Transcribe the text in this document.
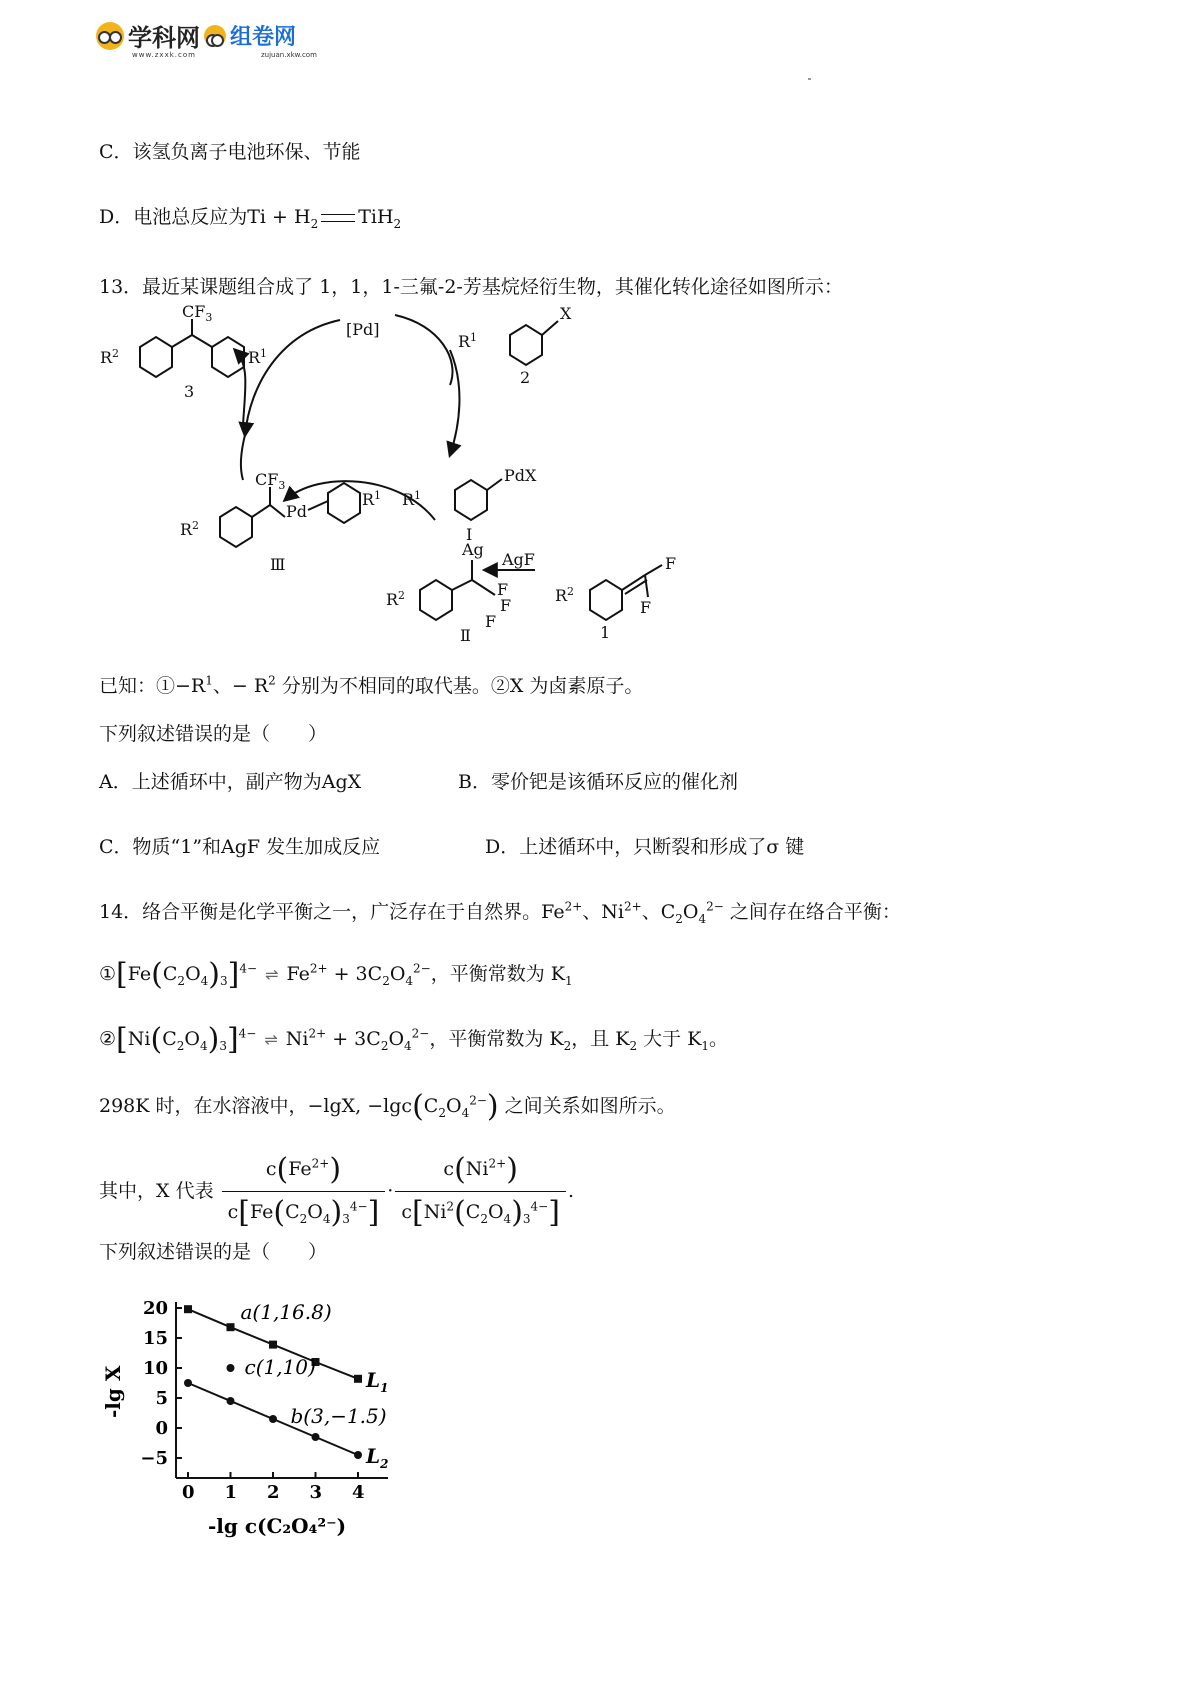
学科网 组卷网
www.zxxk.com	zujuan.xkw.com
C．该氢负离子电池环保、节能
D．电池总反应为$Ti + H_2$ TiH$_2$
13．最近某课题组合成了 1，1，1-三氟-2-芳基烷烃衍生物，其催化转化途径如图所示：
$CF_3$
$R^2$	$R^1$
3
[Pd]
$R^1$
X
2
$R^1$
PdX
I
$CF_3$
Pd
$R^1$
$R^2$
Ⅲ
Ag
F
F
F
$R^2$
Ⅱ
AgF
$R^2$
F
F
1
已知：$①-R^1$、− $R^2$ 分别为不相同的取代基。②X 为卤素原子。
下列叙述错误的是（　　）
A．上述循环中，副产物为AgX	B．零价钯是该循环反应的催化剂
C．物质“1”和AgF 发生加成反应	D．上述循环中，只断裂和形成了σ 键
14．络合平衡是化学平衡之一，广泛存在于自然界。$Fe^{2+}$、$Ni^{2+}$、$C_2O_4^{2-}$ 之间存在络合平衡：
$①[Fe(C_2O_4)_3]^{4-}$ ⇌ $Fe^{2+} + 3C_2O_4^{2-}$，平衡常数为 $K_1$
$②[Ni(C_2O_4)_3]^{4-}$ ⇌ $Ni^{2+} + 3C_2O_4^{2-}$，平衡常数为 $K_2$，且 $K_2$ 大于 $K_1$。
298K 时，在水溶液中，−lgX, $-\lg c(C_2O_4^{2-})$ 之间关系如图所示。
其中，X 代表 $\frac{c(Fe^{2+})}{c[Fe(C_2O_4)_3^{4-}]} \cdot \frac{c(Ni^{2+})}{c[Ni^2(C_2O_4)_3^{4-}]}$ .
下列叙述错误的是（　　）
0 1 2 3 4
20
15
10
5
0
−5
$L_1$
$L_2$
a(1,16.8)
c(1,10)
b(3,−1.5)
-lg X
-lg c(C₂O₄²⁻)
